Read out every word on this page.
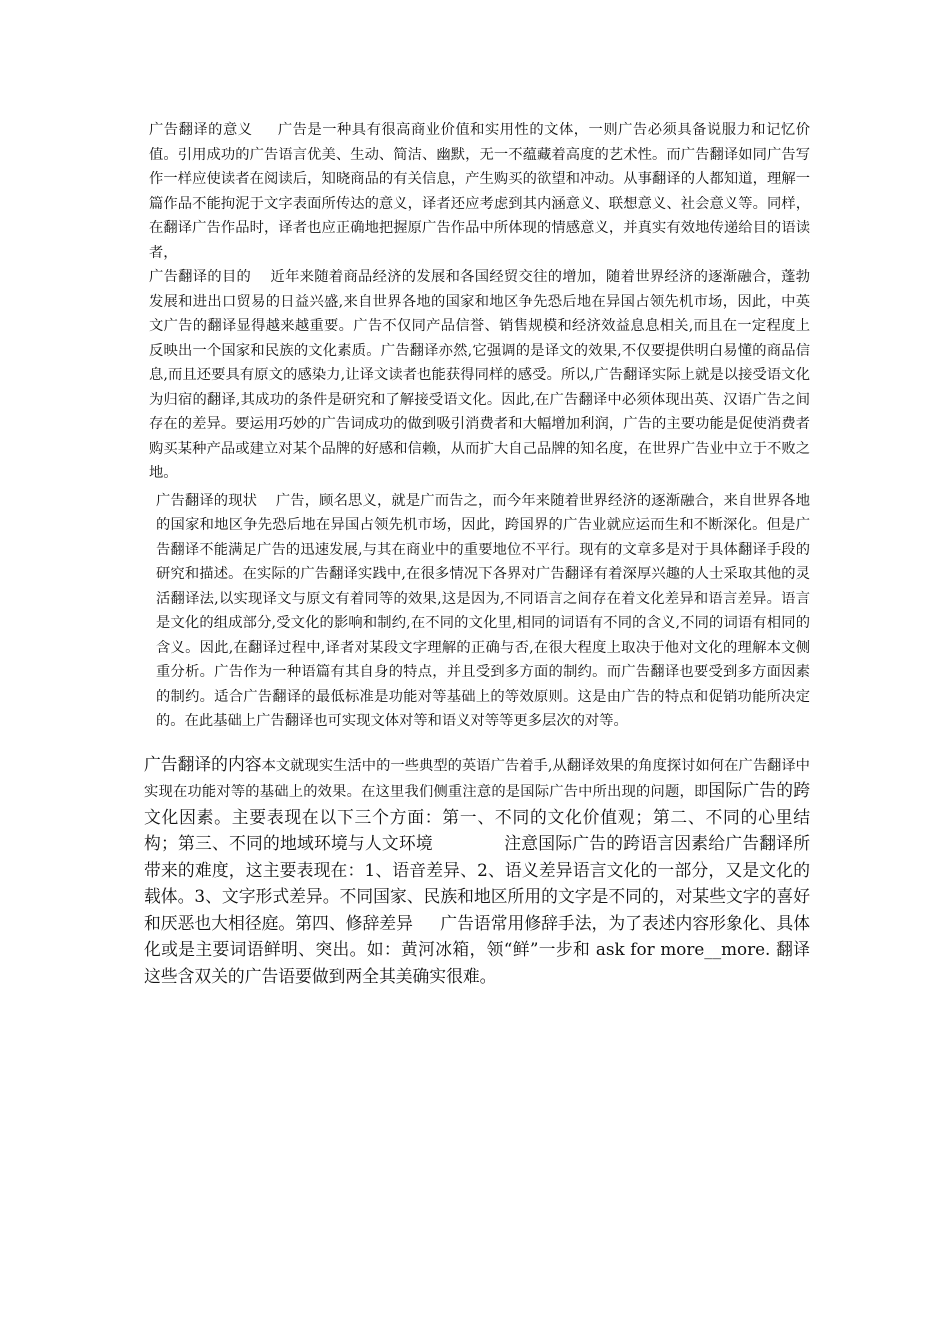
广告翻译的意义 广告是一种具有很高商业价值和实用性的文体，一则广告必须具备说服力和记忆价值。引用成功的广告语言优美、生动、简洁、幽默，无一不蕴藏着高度的艺术性。而广告翻译如同广告写作一样应使读者在阅读后，知晓商品的有关信息，产生购买的欲望和冲动。从事翻译的人都知道，理解一篇作品不能拘泥于文字表面所传达的意义，译者还应考虑到其内涵意义、联想意义、社会意义等。同样，在翻译广告作品时，译者也应正确地把握原广告作品中所体现的情感意义，并真实有效地传递给目的语读者，

广告翻译的目的 近年来随着商品经济的发展和各国经贸交往的增加，随着世界经济的逐渐融合，蓬勃发展和进出口贸易的日益兴盛,来自世界各地的国家和地区争先恐后地在异国占领先机市场，因此，中英文广告的翻译显得越来越重要。广告不仅同产品信誉、销售规模和经济效益息息相关,而且在一定程度上反映出一个国家和民族的文化素质。广告翻译亦然,它强调的是译文的效果,不仅要提供明白易懂的商品信息,而且还要具有原文的感染力,让译文读者也能获得同样的感受。所以,广告翻译实际上就是以接受语文化为归宿的翻译,其成功的条件是研究和了解接受语文化。因此,在广告翻译中必须体现出英、汉语广告之间存在的差异。要运用巧妙的广告词成功的做到吸引消费者和大幅增加利润，广告的主要功能是促使消费者购买某种产品或建立对某个品牌的好感和信赖，从而扩大自己品牌的知名度，在世界广告业中立于不败之地。

广告翻译的现状 广告，顾名思义，就是广而告之，而今年来随着世界经济的逐渐融合，来自世界各地的国家和地区争先恐后地在异国占领先机市场，因此，跨国界的广告业就应运而生和不断深化。但是广告翻译不能满足广告的迅速发展,与其在商业中的重要地位不平行。现有的文章多是对于具体翻译手段的研究和描述。在实际的广告翻译实践中,在很多情况下各界对广告翻译有着深厚兴趣的人士采取其他的灵活翻译法,以实现译文与原文有着同等的效果,这是因为,不同语言之间存在着文化差异和语言差异。语言是文化的组成部分,受文化的影响和制约,在不同的文化里,相同的词语有不同的含义,不同的词语有相同的含义。因此,在翻译过程中,译者对某段文字理解的正确与否,在很大程度上取决于他对文化的理解本文侧重分析。广告作为一种语篇有其自身的特点，并且受到多方面的制约。而广告翻译也要受到多方面因素的制约。适合广告翻译的最低标准是功能对等基础上的等效原则。这是由广告的特点和促销功能所决定的。在此基础上广告翻译也可实现文体对等和语义对等等更多层次的对等。

广告翻译的内容本文就现实生活中的一些典型的英语广告着手,从翻译效果的角度探讨如何在广告翻译中实现在功能对等的基础上的效果。在这里我们侧重注意的是国际广告中所出现的问题，即国际广告的跨文化因素。主要表现在以下三个方面：第一、不同的文化价值观；第二、不同的心里结构；第三、不同的地域环境与人文环境	注意国际广告的跨语言因素给广告翻译所带来的难度，这主要表现在：1、语音差异、2、语义差异语言文化的一部分，又是文化的载体。3、文字形式差异。不同国家、民族和地区所用的文字是不同的，对某些文字的喜好和厌恶也大相径庭。第四、修辞差异 广告语常用修辞手法，为了表述内容形象化、具体化或是主要词语鲜明、突出。如：黄河冰箱，领“鲜”一步和 ask for more__more. 翻译这些含双关的广告语要做到两全其美确实很难。
